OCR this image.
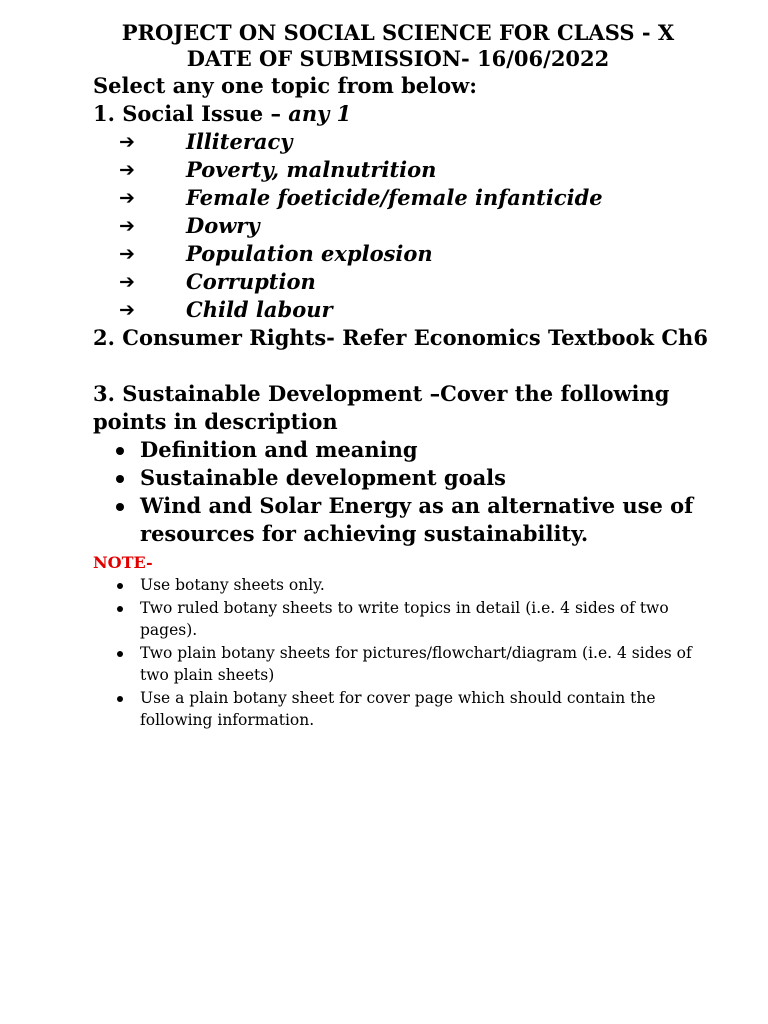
PROJECT ON SOCIAL SCIENCE FOR CLASS - X

DATE OF SUBMISSION- 16/06/2022

Select any one topic from below:

1. Social Issue – any 1

➔	Illiteracy
➔	Poverty, malnutrition
➔	Female foeticide/female infanticide
➔	Dowry
➔	Population explosion
➔	Corruption
➔	Child labour

2. Consumer Rights- Refer Economics Textbook Ch6

3. Sustainable Development –Cover the following points in description

Definition and meaning
Sustainable development goals
Wind and Solar Energy as an alternative use of resources for achieving sustainability.

NOTE-

Use botany sheets only.
Two ruled botany sheets to write topics in detail (i.e. 4 sides of two pages).
Two plain botany sheets for pictures/flowchart/diagram (i.e. 4 sides of two plain sheets)
Use a plain botany sheet for cover page which should contain the following information.
